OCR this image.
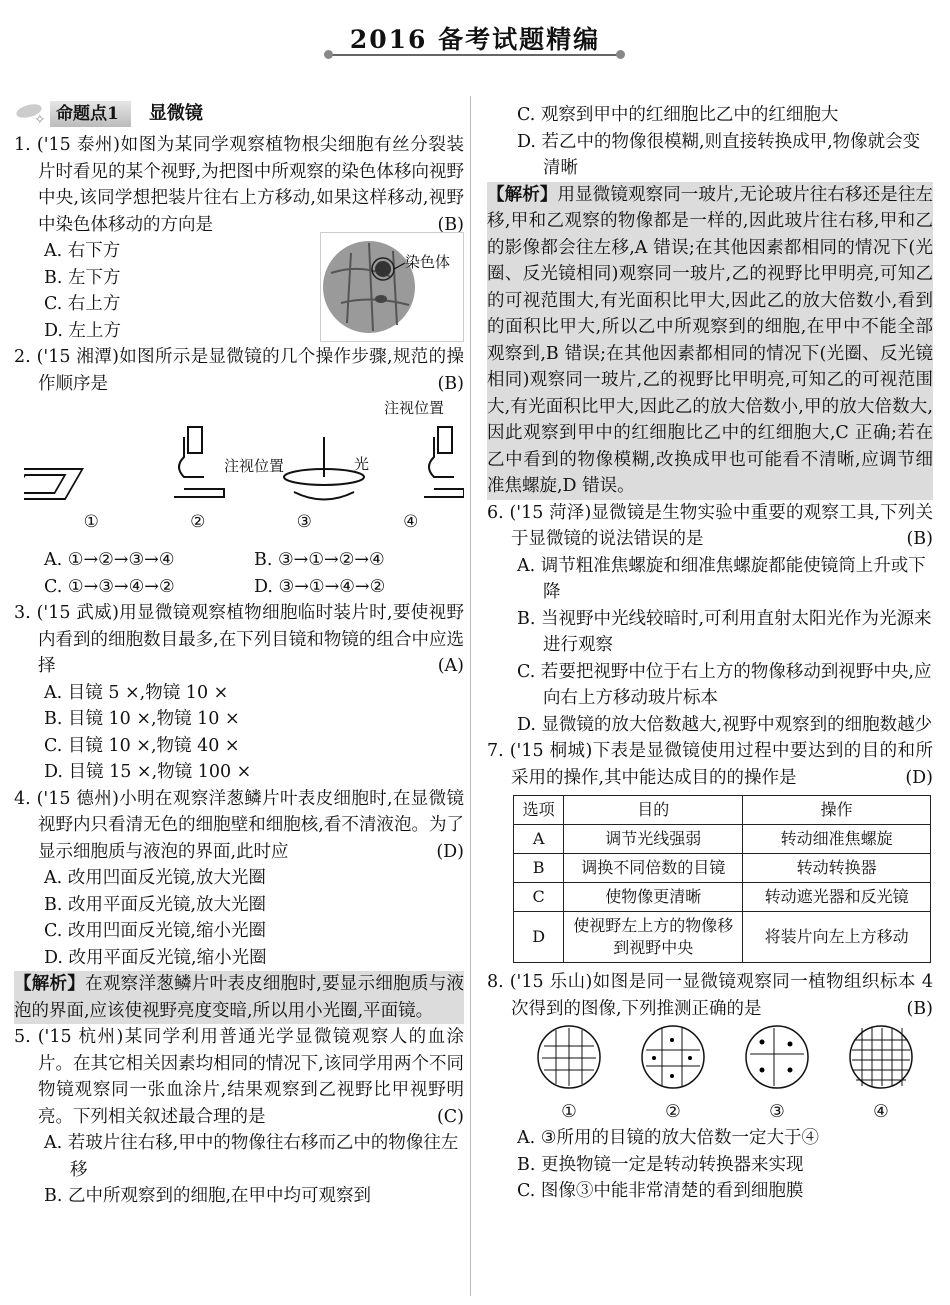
2016 备考试题精编
✧
命题点1	显微镜
1. ('15 泰州)如图为某同学观察植物根尖细胞有丝分裂装片时看见的某个视野,为把图中所观察的染色体移向视野中央,该同学想把装片往右上方移动,如果这样移动,视野中染色体移动的方向是	(B)
A. 右下方
B. 左下方
C. 右上方
D. 左上方
染色体
2. ('15 湘潭)如图所示是显微镜的几个操作步骤,规范的操作顺序是	(B)
注视位置	光
注视位置
①	②	③	④
A. ①→②→③→④	B. ③→①→②→④
C. ①→③→④→②	D. ③→①→④→②
3. ('15 武威)用显微镜观察植物细胞临时装片时,要使视野内看到的细胞数目最多,在下列目镜和物镜的组合中应选择	(A)
A. 目镜 5 ×,物镜 10 ×
B. 目镜 10 ×,物镜 10 ×
C. 目镜 10 ×,物镜 40 ×
D. 目镜 15 ×,物镜 100 ×
4. ('15 德州)小明在观察洋葱鳞片叶表皮细胞时,在显微镜视野内只看清无色的细胞壁和细胞核,看不清液泡。为了显示细胞质与液泡的界面,此时应	(D)
A. 改用凹面反光镜,放大光圈
B. 改用平面反光镜,放大光圈
C. 改用凹面反光镜,缩小光圈
D. 改用平面反光镜,缩小光圈
【解析】在观察洋葱鳞片叶表皮细胞时,要显示细胞质与液泡的界面,应该使视野亮度变暗,所以用小光圈,平面镜。
5. ('15 杭州)某同学利用普通光学显微镜观察人的血涂片。在其它相关因素均相同的情况下,该同学用两个不同物镜观察同一张血涂片,结果观察到乙视野比甲视野明亮。下列相关叙述最合理的是	(C)
A. 若玻片往右移,甲中的物像往右移而乙中的物像往左移
B. 乙中所观察到的细胞,在甲中均可观察到
C. 观察到甲中的红细胞比乙中的红细胞大
D. 若乙中的物像很模糊,则直接转换成甲,物像就会变清晰
【解析】用显微镜观察同一玻片,无论玻片往右移还是往左移,甲和乙观察的物像都是一样的,因此玻片往右移,甲和乙的影像都会往左移,A 错误;在其他因素都相同的情况下(光圈、反光镜相同)观察同一玻片,乙的视野比甲明亮,可知乙的可视范围大,有光面积比甲大,因此乙的放大倍数小,看到的面积比甲大,所以乙中所观察到的细胞,在甲中不能全部观察到,B 错误;在其他因素都相同的情况下(光圈、反光镜相同)观察同一玻片,乙的视野比甲明亮,可知乙的可视范围大,有光面积比甲大,因此乙的放大倍数小,甲的放大倍数大,因此观察到甲中的红细胞比乙中的红细胞大,C 正确;若在乙中看到的物像模糊,改换成甲也可能看不清晰,应调节细准焦螺旋,D 错误。
6. ('15 菏泽)显微镜是生物实验中重要的观察工具,下列关于显微镜的说法错误的是	(B)
A. 调节粗准焦螺旋和细准焦螺旋都能使镜筒上升或下降
B. 当视野中光线较暗时,可利用直射太阳光作为光源来进行观察
C. 若要把视野中位于右上方的物像移动到视野中央,应向右上方移动玻片标本
D. 显微镜的放大倍数越大,视野中观察到的细胞数越少
7. ('15 桐城)下表是显微镜使用过程中要达到的目的和所采用的操作,其中能达成目的的操作是	(D)
选项	目的	操作
A	调节光线强弱	转动细准焦螺旋
B	调换不同倍数的目镜	转动转换器
C	使物像更清晰	转动遮光器和反光镜
D	使视野左上方的物像移到视野中央	将装片向左上方移动
8. ('15 乐山)如图是同一显微镜观察同一植物组织标本 4 次得到的图像,下列推测正确的是	(B)
①	②	③	④
A. ③所用的目镜的放大倍数一定大于④
B. 更换物镜一定是转动转换器来实现
C. 图像③中能非常清楚的看到细胞膜
